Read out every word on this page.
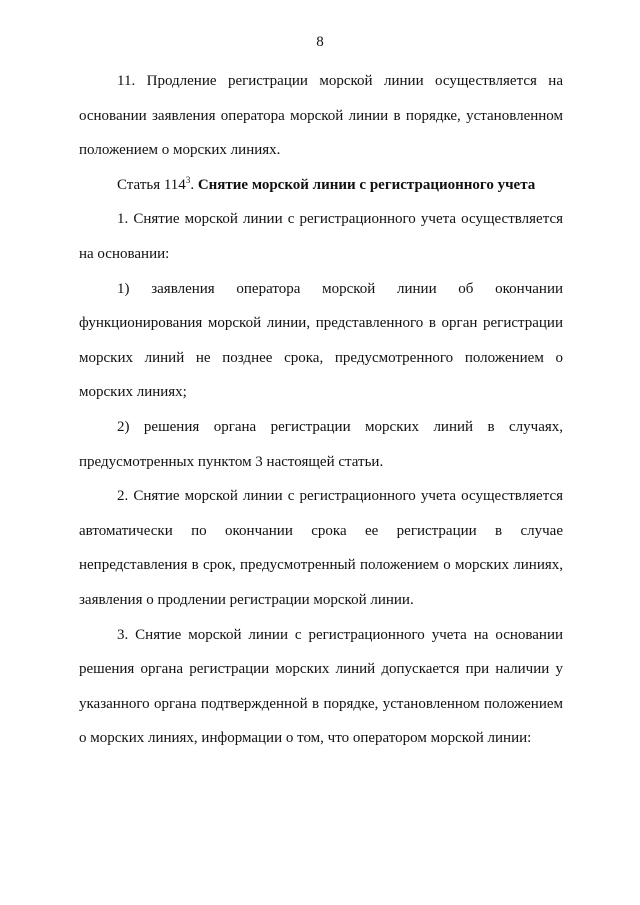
8

11. Продление регистрации морской линии осуществляется на основании заявления оператора морской линии в порядке, установленном положением о морских линиях.

Статья $114^3$. Снятие морской линии с регистрационного учета

1. Снятие морской линии с регистрационного учета осуществляется на основании:

1) заявления оператора морской линии об окончании функционирования морской линии, представленного в орган регистрации морских линий не позднее срока, предусмотренного положением о морских линиях;

2) решения органа регистрации морских линий в случаях, предусмотренных пунктом 3 настоящей статьи.

2. Снятие морской линии с регистрационного учета осуществляется автоматически по окончании срока ее регистрации в случае непредставления в срок, предусмотренный положением о морских линиях, заявления о продлении регистрации морской линии.

3. Снятие морской линии с регистрационного учета на основании решения органа регистрации морских линий допускается при наличии у указанного органа подтвержденной в порядке, установленном положением о морских линиях, информации о том, что оператором морской линии:
